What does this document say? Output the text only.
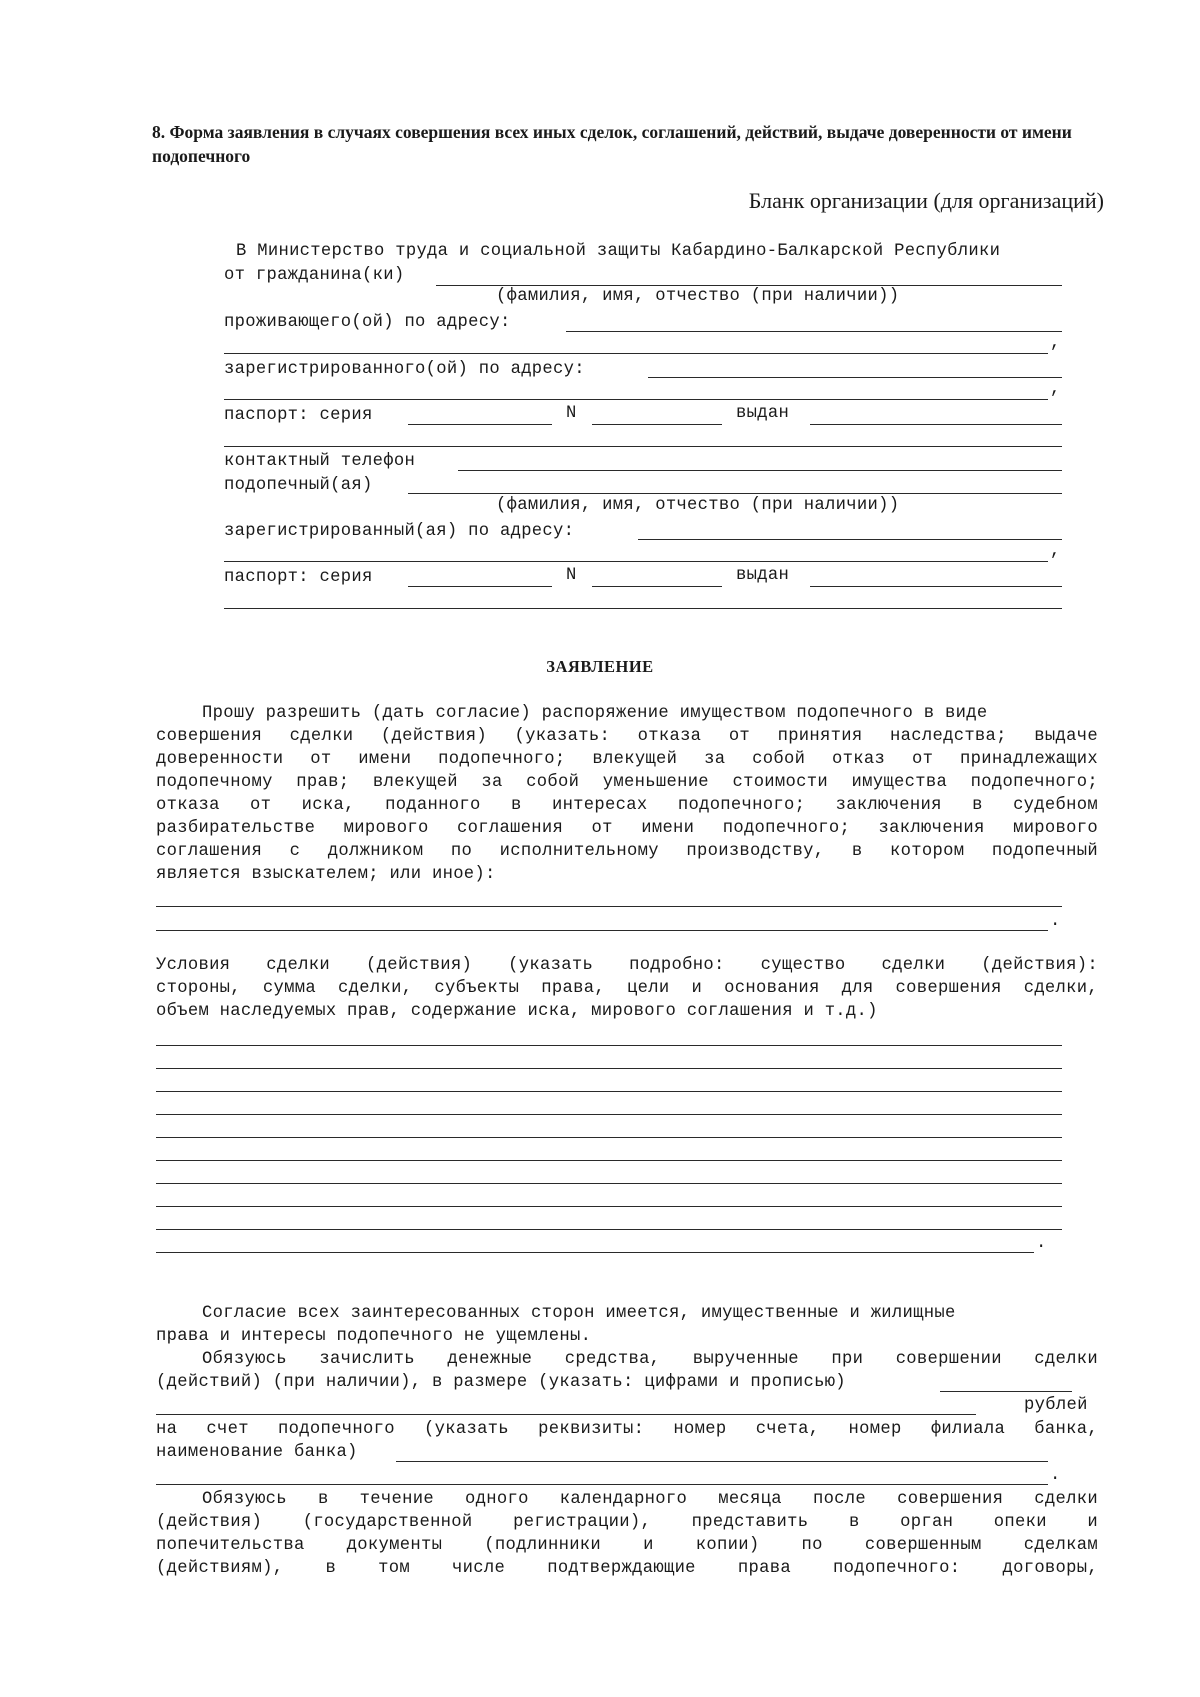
8. Форма заявления в случаях совершения всех иных сделок, соглашений, действий, выдаче доверенности от имени подопечного
Бланк организации (для организаций)
В Министерство труда и социальной защиты Кабардино-Балкарской Республики
от гражданина(ки)
(фамилия, имя, отчество (при наличии))
проживающего(ой) по адресу:
,
зарегистрированного(ой) по адресу:
,
паспорт: серия	N	выдан
контактный телефон
подопечный(ая)
(фамилия, имя, отчество (при наличии))
зарегистрированный(ая) по адресу:
,
паспорт: серия	N	выдан
ЗАЯВЛЕНИЕ
Прошу разрешить (дать согласие) распоряжение имуществом подопечного в виде
совершения сделки (действия) (указать: отказа от принятия наследства; выдаче
доверенности от имени подопечного; влекущей за собой отказ от принадлежащих
подопечному прав; влекущей за собой уменьшение стоимости имущества подопечного;
отказа от иска, поданного в интересах подопечного; заключения в судебном
разбирательстве мирового соглашения от имени подопечного; заключения мирового
соглашения с должником по исполнительному производству, в котором подопечный
является взыскателем; или иное):
.
Условия сделки (действия) (указать подробно: существо сделки (действия):
стороны, сумма сделки, субъекты права, цели и основания для совершения сделки,
объем наследуемых прав, содержание иска, мирового соглашения и т.д.)
.
Согласие всех заинтересованных сторон имеется, имущественные и жилищные
права и интересы подопечного не ущемлены.
Обязуюсь зачислить денежные средства, вырученные при совершении сделки
(действий) (при наличии), в размере (указать: цифрами и прописью)
рублей
на счет подопечного (указать реквизиты: номер счета, номер филиала банка,
наименование банка)
.
Обязуюсь в течение одного календарного месяца после совершения сделки
(действия) (государственной регистрации), представить в орган опеки и
попечительства документы (подлинники и копии) по совершенным сделкам
(действиям), в том числе подтверждающие права подопечного: договоры,
